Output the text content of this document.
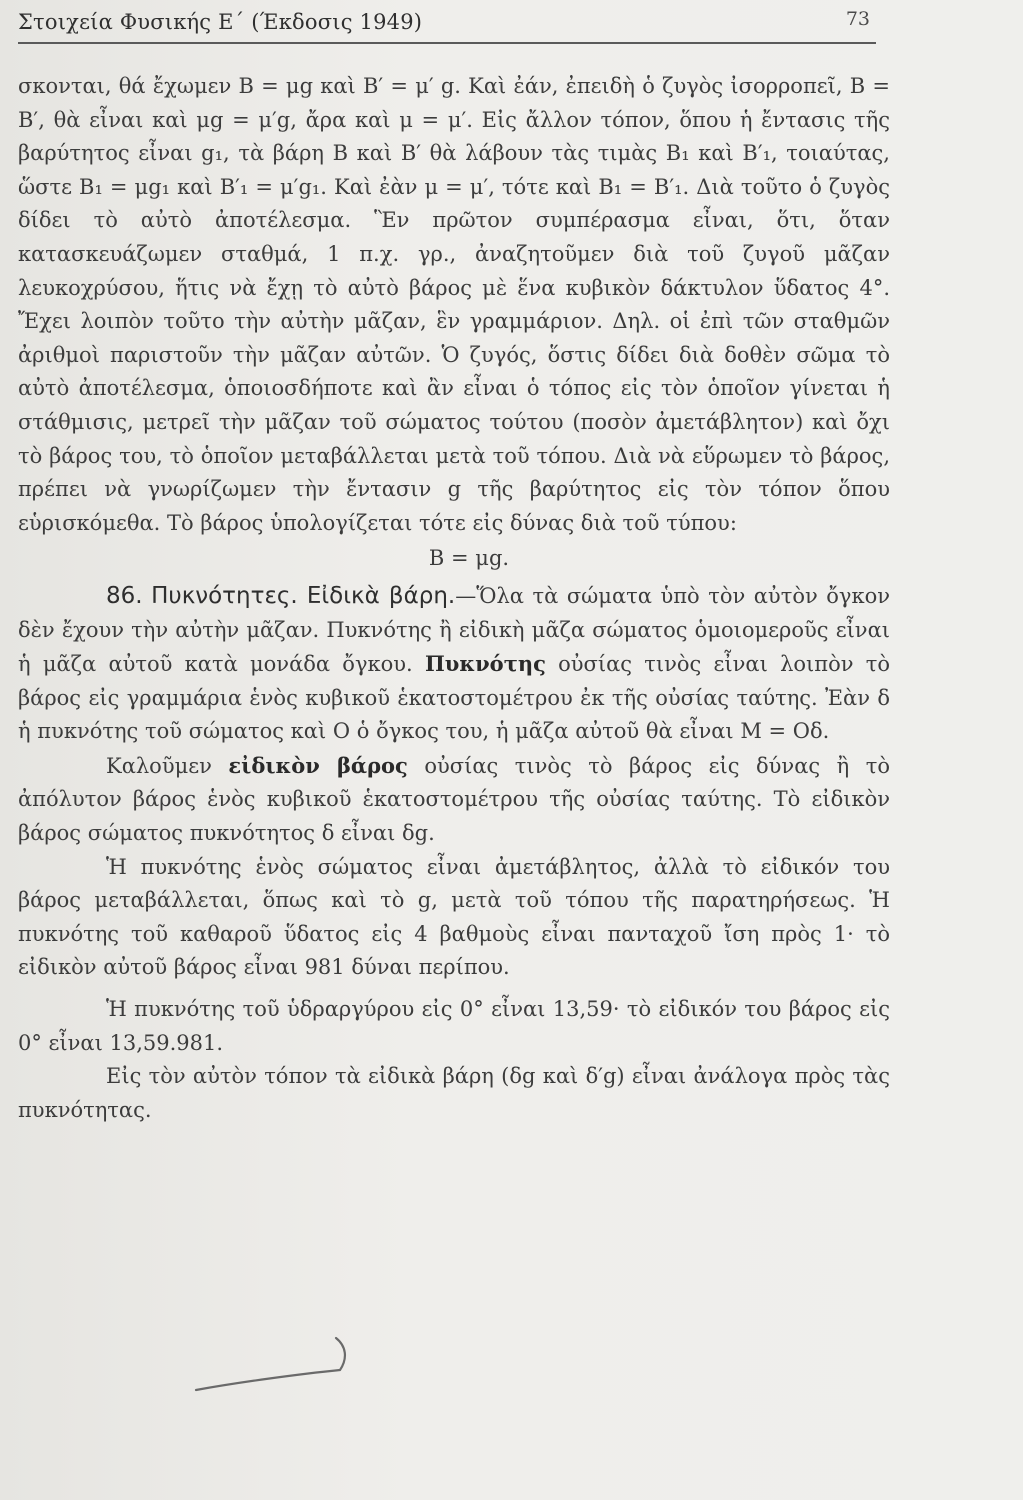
Στοιχεία Φυσικής Ε΄ (Έκδοσις 1949)	73

σκονται, θά ἔχωμεν B = μg καὶ B′ = μ′ g. Καὶ ἐάν, ἐπειδὴ ὁ ζυγὸς ἰσορροπεῖ, B = B′, θὰ εἶναι καὶ μg = μ′g, ἄρα καὶ μ = μ′. Εἰς ἄλλον τόπον, ὅπου ἡ ἔντασις τῆς βαρύτητος εἶναι g₁, τὰ βάρη B καὶ B′ θὰ λάβουν τὰς τιμὰς B₁ καὶ B′₁, τοιαύτας, ὥστε B₁ = μg₁ καὶ B′₁ = μ′g₁. Καὶ ἐὰν μ = μ′, τότε καὶ B₁ = B′₁. Διὰ τοῦτο ὁ ζυγὸς δίδει τὸ αὐτὸ ἀποτέλεσμα. Ἓν πρῶτον συμπέρασμα εἶναι, ὅτι, ὅταν κατασκευάζωμεν σταθμά, 1 π.χ. γρ., ἀναζητοῦμεν διὰ τοῦ ζυγοῦ μᾶζαν λευκοχρύσου, ἥτις νὰ ἔχῃ τὸ αὐτὸ βάρος μὲ ἕνα κυβικὸν δάκτυλον ὕδατος 4°. Ἔχει λοιπὸν τοῦτο τὴν αὐτὴν μᾶζαν, ἓν γραμμάριον. Δηλ. οἱ ἐπὶ τῶν σταθμῶν ἀριθμοὶ παριστοῦν τὴν μᾶζαν αὐτῶν. Ὁ ζυγός, ὅστις δίδει διὰ δοθὲν σῶμα τὸ αὐτὸ ἀποτέλεσμα, ὁποιοσδήποτε καὶ ἂν εἶναι ὁ τόπος εἰς τὸν ὁποῖον γίνεται ἡ στάθμισις, μετρεῖ τὴν μᾶζαν τοῦ σώματος τούτου (ποσὸν ἀμετάβλητον) καὶ ὄχι τὸ βάρος του, τὸ ὁποῖον μεταβάλλεται μετὰ τοῦ τόπου. Διὰ νὰ εὕρωμεν τὸ βάρος, πρέπει νὰ γνωρίζωμεν τὴν ἔντασιν g τῆς βαρύτητος εἰς τὸν τόπον ὅπου εὑρισκόμεθα. Τὸ βάρος ὑπολογίζεται τότε εἰς δύνας διὰ τοῦ τύπου:

B = μg.

86. Πυκνότητες. Εἰδικὰ βάρη.—Ὅλα τὰ σώματα ὑπὸ τὸν αὐτὸν ὄγκον δὲν ἔχουν τὴν αὐτὴν μᾶζαν. Πυκνότης ἢ εἰδικὴ μᾶζα σώματος ὁμοιομεροῦς εἶναι ἡ μᾶζα αὐτοῦ κατὰ μονάδα ὄγκου. Πυκνότης οὐσίας τινὸς εἶναι λοιπὸν τὸ βάρος εἰς γραμμάρια ἑνὸς κυβικοῦ ἑκατοστομέτρου ἐκ τῆς οὐσίας ταύτης. Ἐὰν δ ἡ πυκνότης τοῦ σώματος καὶ O ὁ ὄγκος του, ἡ μᾶζα αὐτοῦ θὰ εἶναι M = Oδ.

Καλοῦμεν εἰδικὸν βάρος οὐσίας τινὸς τὸ βάρος εἰς δύνας ἢ τὸ ἀπόλυτον βάρος ἑνὸς κυβικοῦ ἑκατοστομέτρου τῆς οὐσίας ταύτης. Τὸ εἰδικὸν βάρος σώματος πυκνότητος δ εἶναι δg.

Ἡ πυκνότης ἑνὸς σώματος εἶναι ἀμετάβλητος, ἀλλὰ τὸ εἰδικόν του βάρος μεταβάλλεται, ὅπως καὶ τὸ g, μετὰ τοῦ τόπου τῆς παρατηρήσεως. Ἡ πυκνότης τοῦ καθαροῦ ὕδατος εἰς 4 βαθμοὺς εἶναι πανταχοῦ ἴση πρὸς 1· τὸ εἰδικὸν αὐτοῦ βάρος εἶναι 981 δύναι περίπου.

Ἡ πυκνότης τοῦ ὑδραργύρου εἰς 0° εἶναι 13,59· τὸ εἰδικόν του βάρος εἰς 0° εἶναι 13,59.981.

Εἰς τὸν αὐτὸν τόπον τὰ εἰδικὰ βάρη (δg καὶ δ′g) εἶναι ἀνάλογα πρὸς τὰς πυκνότητας.
